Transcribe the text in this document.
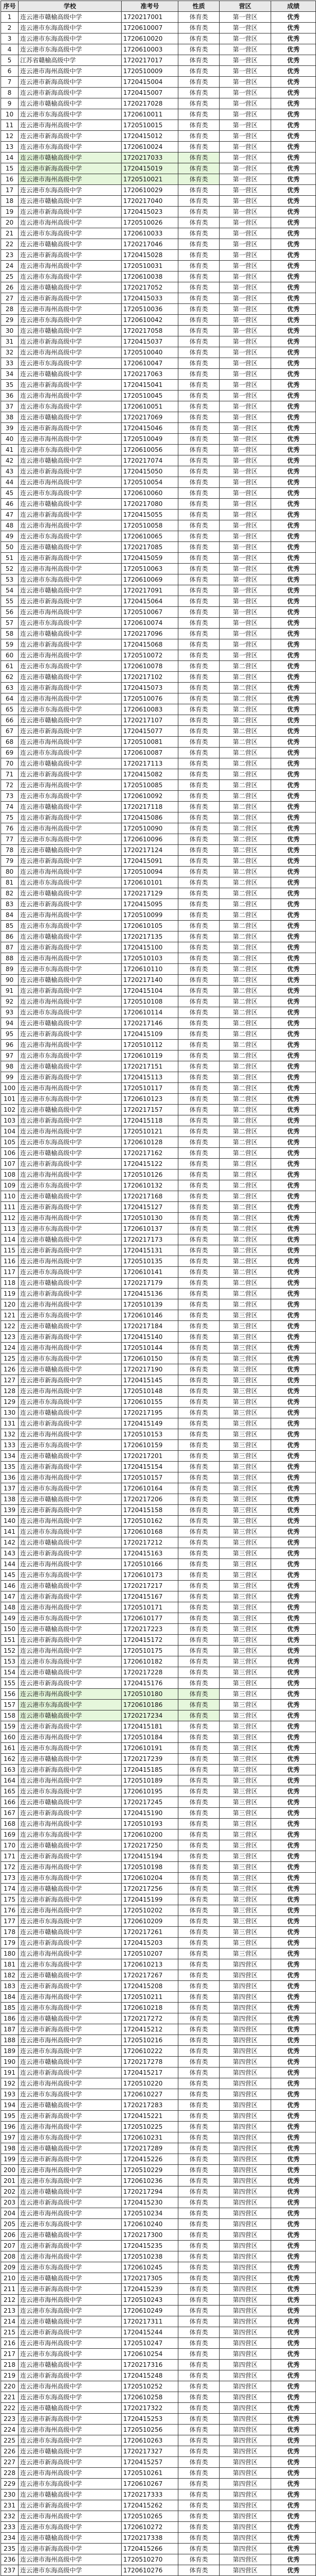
序号	学校	准考号	性质	营区	成绩
1	连云港市赣榆高级中学	1720217001	体育类	第一营区	优秀
2	连云港市东海高级中学	1720610007	体育类	第一营区	优秀
3	连云港市东海高级中学	1720610020	体育类	第一营区	优秀
4	连云港市东海高级中学	1720610003	体育类	第一营区	优秀
5	江苏省赣榆高级中学	1720217017	体育类	第一营区	优秀
6	连云港市海州高级中学	1720510009	体育类	第一营区	优秀
7	连云港市新海高级中学	1720415004	体育类	第一营区	优秀
8	连云港市新海高级中学	1720415007	体育类	第一营区	优秀
9	连云港市赣榆高级中学	1720217028	体育类	第一营区	优秀
10	连云港市东海高级中学	1720610011	体育类	第一营区	优秀
11	连云港市海州高级中学	1720510015	体育类	第一营区	优秀
12	连云港市新海高级中学	1720415012	体育类	第一营区	优秀
13	连云港市东海高级中学	1720610024	体育类	第一营区	优秀
14	连云港市赣榆高级中学	1720217033	体育类	第一营区	优秀
15	连云港市新海高级中学	1720415019	体育类	第一营区	优秀
16	连云港市海州高级中学	1720510021	体育类	第一营区	优秀
17	连云港市东海高级中学	1720610029	体育类	第一营区	优秀
18	连云港市赣榆高级中学	1720217040	体育类	第一营区	优秀
19	连云港市新海高级中学	1720415023	体育类	第一营区	优秀
20	连云港市海州高级中学	1720510026	体育类	第一营区	优秀
21	连云港市东海高级中学	1720610033	体育类	第一营区	优秀
22	连云港市赣榆高级中学	1720217046	体育类	第一营区	优秀
23	连云港市新海高级中学	1720415028	体育类	第一营区	优秀
24	连云港市海州高级中学	1720510031	体育类	第一营区	优秀
25	连云港市东海高级中学	1720610038	体育类	第一营区	优秀
26	连云港市赣榆高级中学	1720217052	体育类	第一营区	优秀
27	连云港市新海高级中学	1720415033	体育类	第一营区	优秀
28	连云港市海州高级中学	1720510036	体育类	第一营区	优秀
29	连云港市东海高级中学	1720610042	体育类	第一营区	优秀
30	连云港市赣榆高级中学	1720217058	体育类	第一营区	优秀
31	连云港市新海高级中学	1720415037	体育类	第一营区	优秀
32	连云港市海州高级中学	1720510040	体育类	第一营区	优秀
33	连云港市东海高级中学	1720610047	体育类	第一营区	优秀
34	连云港市赣榆高级中学	1720217063	体育类	第一营区	优秀
35	连云港市新海高级中学	1720415041	体育类	第一营区	优秀
36	连云港市海州高级中学	1720510045	体育类	第一营区	优秀
37	连云港市东海高级中学	1720610051	体育类	第一营区	优秀
38	连云港市赣榆高级中学	1720217069	体育类	第一营区	优秀
39	连云港市新海高级中学	1720415046	体育类	第一营区	优秀
40	连云港市海州高级中学	1720510049	体育类	第一营区	优秀
41	连云港市东海高级中学	1720610056	体育类	第一营区	优秀
42	连云港市赣榆高级中学	1720217074	体育类	第一营区	优秀
43	连云港市新海高级中学	1720415050	体育类	第一营区	优秀
44	连云港市海州高级中学	1720510054	体育类	第一营区	优秀
45	连云港市东海高级中学	1720610060	体育类	第一营区	优秀
46	连云港市赣榆高级中学	1720217080	体育类	第一营区	优秀
47	连云港市新海高级中学	1720415055	体育类	第一营区	优秀
48	连云港市海州高级中学	1720510058	体育类	第一营区	优秀
49	连云港市东海高级中学	1720610065	体育类	第一营区	优秀
50	连云港市赣榆高级中学	1720217085	体育类	第一营区	优秀
51	连云港市新海高级中学	1720415059	体育类	第一营区	优秀
52	连云港市海州高级中学	1720510063	体育类	第一营区	优秀
53	连云港市东海高级中学	1720610069	体育类	第一营区	优秀
54	连云港市赣榆高级中学	1720217091	体育类	第一营区	优秀
55	连云港市新海高级中学	1720415064	体育类	第一营区	优秀
56	连云港市海州高级中学	1720510067	体育类	第一营区	优秀
57	连云港市东海高级中学	1720610074	体育类	第一营区	优秀
58	连云港市赣榆高级中学	1720217096	体育类	第一营区	优秀
59	连云港市新海高级中学	1720415068	体育类	第一营区	优秀
60	连云港市海州高级中学	1720510072	体育类	第一营区	优秀
61	连云港市东海高级中学	1720610078	体育类	第二营区	优秀
62	连云港市赣榆高级中学	1720217102	体育类	第二营区	优秀
63	连云港市新海高级中学	1720415073	体育类	第二营区	优秀
64	连云港市海州高级中学	1720510076	体育类	第二营区	优秀
65	连云港市东海高级中学	1720610083	体育类	第二营区	优秀
66	连云港市赣榆高级中学	1720217107	体育类	第二营区	优秀
67	连云港市新海高级中学	1720415077	体育类	第二营区	优秀
68	连云港市海州高级中学	1720510081	体育类	第二营区	优秀
69	连云港市东海高级中学	1720610087	体育类	第二营区	优秀
70	连云港市赣榆高级中学	1720217113	体育类	第二营区	优秀
71	连云港市新海高级中学	1720415082	体育类	第二营区	优秀
72	连云港市海州高级中学	1720510085	体育类	第二营区	优秀
73	连云港市东海高级中学	1720610092	体育类	第二营区	优秀
74	连云港市赣榆高级中学	1720217118	体育类	第二营区	优秀
75	连云港市新海高级中学	1720415086	体育类	第二营区	优秀
76	连云港市海州高级中学	1720510090	体育类	第二营区	优秀
77	连云港市东海高级中学	1720610096	体育类	第二营区	优秀
78	连云港市赣榆高级中学	1720217124	体育类	第二营区	优秀
79	连云港市新海高级中学	1720415091	体育类	第二营区	优秀
80	连云港市海州高级中学	1720510094	体育类	第二营区	优秀
81	连云港市东海高级中学	1720610101	体育类	第二营区	优秀
82	连云港市赣榆高级中学	1720217129	体育类	第二营区	优秀
83	连云港市新海高级中学	1720415095	体育类	第二营区	优秀
84	连云港市海州高级中学	1720510099	体育类	第二营区	优秀
85	连云港市东海高级中学	1720610105	体育类	第二营区	优秀
86	连云港市赣榆高级中学	1720217135	体育类	第二营区	优秀
87	连云港市新海高级中学	1720415100	体育类	第二营区	优秀
88	连云港市海州高级中学	1720510103	体育类	第二营区	优秀
89	连云港市东海高级中学	1720610110	体育类	第二营区	优秀
90	连云港市赣榆高级中学	1720217140	体育类	第二营区	优秀
91	连云港市新海高级中学	1720415104	体育类	第二营区	优秀
92	连云港市海州高级中学	1720510108	体育类	第二营区	优秀
93	连云港市东海高级中学	1720610114	体育类	第二营区	优秀
94	连云港市赣榆高级中学	1720217146	体育类	第二营区	优秀
95	连云港市新海高级中学	1720415109	体育类	第二营区	优秀
96	连云港市海州高级中学	1720510112	体育类	第二营区	优秀
97	连云港市东海高级中学	1720610119	体育类	第二营区	优秀
98	连云港市赣榆高级中学	1720217151	体育类	第二营区	优秀
99	连云港市新海高级中学	1720415113	体育类	第二营区	优秀
100	连云港市海州高级中学	1720510117	体育类	第二营区	优秀
101	连云港市东海高级中学	1720610123	体育类	第二营区	优秀
102	连云港市赣榆高级中学	1720217157	体育类	第二营区	优秀
103	连云港市新海高级中学	1720415118	体育类	第二营区	优秀
104	连云港市海州高级中学	1720510121	体育类	第二营区	优秀
105	连云港市东海高级中学	1720610128	体育类	第二营区	优秀
106	连云港市赣榆高级中学	1720217162	体育类	第二营区	优秀
107	连云港市新海高级中学	1720415122	体育类	第二营区	优秀
108	连云港市海州高级中学	1720510126	体育类	第二营区	优秀
109	连云港市东海高级中学	1720610132	体育类	第二营区	优秀
110	连云港市赣榆高级中学	1720217168	体育类	第二营区	优秀
111	连云港市新海高级中学	1720415127	体育类	第二营区	优秀
112	连云港市海州高级中学	1720510130	体育类	第二营区	优秀
113	连云港市东海高级中学	1720610137	体育类	第二营区	优秀
114	连云港市赣榆高级中学	1720217173	体育类	第二营区	优秀
115	连云港市新海高级中学	1720415131	体育类	第二营区	优秀
116	连云港市海州高级中学	1720510135	体育类	第二营区	优秀
117	连云港市东海高级中学	1720610141	体育类	第二营区	优秀
118	连云港市赣榆高级中学	1720217179	体育类	第二营区	优秀
119	连云港市新海高级中学	1720415136	体育类	第二营区	优秀
120	连云港市海州高级中学	1720510139	体育类	第二营区	优秀
121	连云港市东海高级中学	1720610146	体育类	第三营区	优秀
122	连云港市赣榆高级中学	1720217184	体育类	第三营区	优秀
123	连云港市新海高级中学	1720415140	体育类	第三营区	优秀
124	连云港市海州高级中学	1720510144	体育类	第三营区	优秀
125	连云港市东海高级中学	1720610150	体育类	第三营区	优秀
126	连云港市赣榆高级中学	1720217190	体育类	第三营区	优秀
127	连云港市新海高级中学	1720415145	体育类	第三营区	优秀
128	连云港市海州高级中学	1720510148	体育类	第三营区	优秀
129	连云港市东海高级中学	1720610155	体育类	第三营区	优秀
130	连云港市赣榆高级中学	1720217195	体育类	第三营区	优秀
131	连云港市新海高级中学	1720415149	体育类	第三营区	优秀
132	连云港市海州高级中学	1720510153	体育类	第三营区	优秀
133	连云港市东海高级中学	1720610159	体育类	第三营区	优秀
134	连云港市赣榆高级中学	1720217201	体育类	第三营区	优秀
135	连云港市新海高级中学	1720415154	体育类	第三营区	优秀
136	连云港市海州高级中学	1720510157	体育类	第三营区	优秀
137	连云港市东海高级中学	1720610164	体育类	第三营区	优秀
138	连云港市赣榆高级中学	1720217206	体育类	第三营区	优秀
139	连云港市新海高级中学	1720415158	体育类	第三营区	优秀
140	连云港市海州高级中学	1720510162	体育类	第三营区	优秀
141	连云港市东海高级中学	1720610168	体育类	第三营区	优秀
142	连云港市赣榆高级中学	1720217212	体育类	第三营区	优秀
143	连云港市新海高级中学	1720415163	体育类	第三营区	优秀
144	连云港市海州高级中学	1720510166	体育类	第三营区	优秀
145	连云港市东海高级中学	1720610173	体育类	第三营区	优秀
146	连云港市赣榆高级中学	1720217217	体育类	第三营区	优秀
147	连云港市新海高级中学	1720415167	体育类	第三营区	优秀
148	连云港市海州高级中学	1720510171	体育类	第三营区	优秀
149	连云港市东海高级中学	1720610177	体育类	第三营区	优秀
150	连云港市赣榆高级中学	1720217223	体育类	第三营区	优秀
151	连云港市新海高级中学	1720415172	体育类	第三营区	优秀
152	连云港市海州高级中学	1720510175	体育类	第三营区	优秀
153	连云港市东海高级中学	1720610182	体育类	第三营区	优秀
154	连云港市赣榆高级中学	1720217228	体育类	第三营区	优秀
155	连云港市新海高级中学	1720415176	体育类	第三营区	优秀
156	连云港市海州高级中学	1720510180	体育类	第三营区	优秀
157	连云港市东海高级中学	1720610186	体育类	第三营区	优秀
158	连云港市赣榆高级中学	1720217234	体育类	第三营区	优秀
159	连云港市新海高级中学	1720415181	体育类	第三营区	优秀
160	连云港市海州高级中学	1720510184	体育类	第三营区	优秀
161	连云港市东海高级中学	1720610191	体育类	第三营区	优秀
162	连云港市赣榆高级中学	1720217239	体育类	第三营区	优秀
163	连云港市新海高级中学	1720415185	体育类	第三营区	优秀
164	连云港市海州高级中学	1720510189	体育类	第三营区	优秀
165	连云港市东海高级中学	1720610195	体育类	第三营区	优秀
166	连云港市赣榆高级中学	1720217245	体育类	第三营区	优秀
167	连云港市新海高级中学	1720415190	体育类	第三营区	优秀
168	连云港市海州高级中学	1720510193	体育类	第三营区	优秀
169	连云港市东海高级中学	1720610200	体育类	第三营区	优秀
170	连云港市赣榆高级中学	1720217250	体育类	第三营区	优秀
171	连云港市新海高级中学	1720415194	体育类	第三营区	优秀
172	连云港市海州高级中学	1720510198	体育类	第三营区	优秀
173	连云港市东海高级中学	1720610204	体育类	第三营区	优秀
174	连云港市赣榆高级中学	1720217256	体育类	第三营区	优秀
175	连云港市新海高级中学	1720415199	体育类	第三营区	优秀
176	连云港市海州高级中学	1720510202	体育类	第三营区	优秀
177	连云港市东海高级中学	1720610209	体育类	第三营区	优秀
178	连云港市赣榆高级中学	1720217261	体育类	第三营区	优秀
179	连云港市新海高级中学	1720415203	体育类	第三营区	优秀
180	连云港市海州高级中学	1720510207	体育类	第三营区	优秀
181	连云港市东海高级中学	1720610213	体育类	第四营区	优秀
182	连云港市赣榆高级中学	1720217267	体育类	第四营区	优秀
183	连云港市新海高级中学	1720415208	体育类	第四营区	优秀
184	连云港市海州高级中学	1720510211	体育类	第四营区	优秀
185	连云港市东海高级中学	1720610218	体育类	第四营区	优秀
186	连云港市赣榆高级中学	1720217272	体育类	第四营区	优秀
187	连云港市新海高级中学	1720415212	体育类	第四营区	优秀
188	连云港市海州高级中学	1720510216	体育类	第四营区	优秀
189	连云港市东海高级中学	1720610222	体育类	第四营区	优秀
190	连云港市赣榆高级中学	1720217278	体育类	第四营区	优秀
191	连云港市新海高级中学	1720415217	体育类	第四营区	优秀
192	连云港市海州高级中学	1720510220	体育类	第四营区	优秀
193	连云港市东海高级中学	1720610227	体育类	第四营区	优秀
194	连云港市赣榆高级中学	1720217283	体育类	第四营区	优秀
195	连云港市新海高级中学	1720415221	体育类	第四营区	优秀
196	连云港市海州高级中学	1720510225	体育类	第四营区	优秀
197	连云港市东海高级中学	1720610231	体育类	第四营区	优秀
198	连云港市赣榆高级中学	1720217289	体育类	第四营区	优秀
199	连云港市新海高级中学	1720415226	体育类	第四营区	优秀
200	连云港市海州高级中学	1720510229	体育类	第四营区	优秀
201	连云港市东海高级中学	1720610236	体育类	第四营区	优秀
202	连云港市赣榆高级中学	1720217294	体育类	第四营区	优秀
203	连云港市新海高级中学	1720415230	体育类	第四营区	优秀
204	连云港市海州高级中学	1720510234	体育类	第四营区	优秀
205	连云港市东海高级中学	1720610240	体育类	第四营区	优秀
206	连云港市赣榆高级中学	1720217300	体育类	第四营区	优秀
207	连云港市新海高级中学	1720415235	体育类	第四营区	优秀
208	连云港市海州高级中学	1720510238	体育类	第四营区	优秀
209	连云港市东海高级中学	1720610245	体育类	第四营区	优秀
210	连云港市赣榆高级中学	1720217305	体育类	第四营区	优秀
211	连云港市新海高级中学	1720415239	体育类	第四营区	优秀
212	连云港市海州高级中学	1720510243	体育类	第四营区	优秀
213	连云港市东海高级中学	1720610249	体育类	第四营区	优秀
214	连云港市赣榆高级中学	1720217311	体育类	第四营区	优秀
215	连云港市新海高级中学	1720415244	体育类	第四营区	优秀
216	连云港市海州高级中学	1720510247	体育类	第四营区	优秀
217	连云港市东海高级中学	1720610254	体育类	第四营区	优秀
218	连云港市赣榆高级中学	1720217316	体育类	第四营区	优秀
219	连云港市新海高级中学	1720415248	体育类	第四营区	优秀
220	连云港市海州高级中学	1720510252	体育类	第四营区	优秀
221	连云港市东海高级中学	1720610258	体育类	第四营区	优秀
222	连云港市赣榆高级中学	1720217322	体育类	第四营区	优秀
223	连云港市新海高级中学	1720415253	体育类	第四营区	优秀
224	连云港市海州高级中学	1720510256	体育类	第四营区	优秀
225	连云港市东海高级中学	1720610263	体育类	第四营区	优秀
226	连云港市赣榆高级中学	1720217327	体育类	第四营区	优秀
227	连云港市新海高级中学	1720415257	体育类	第四营区	优秀
228	连云港市海州高级中学	1720510261	体育类	第四营区	优秀
229	连云港市东海高级中学	1720610267	体育类	第四营区	优秀
230	连云港市赣榆高级中学	1720217333	体育类	第四营区	优秀
231	连云港市新海高级中学	1720415262	体育类	第四营区	优秀
232	连云港市海州高级中学	1720510265	体育类	第四营区	优秀
233	连云港市东海高级中学	1720610272	体育类	第四营区	优秀
234	连云港市赣榆高级中学	1720217338	体育类	第四营区	优秀
235	连云港市新海高级中学	1720415266	体育类	第四营区	优秀
236	连云港市海州高级中学	1720510270	体育类	第四营区	优秀
237	连云港市东海高级中学	1720610276	体育类	第四营区	优秀
